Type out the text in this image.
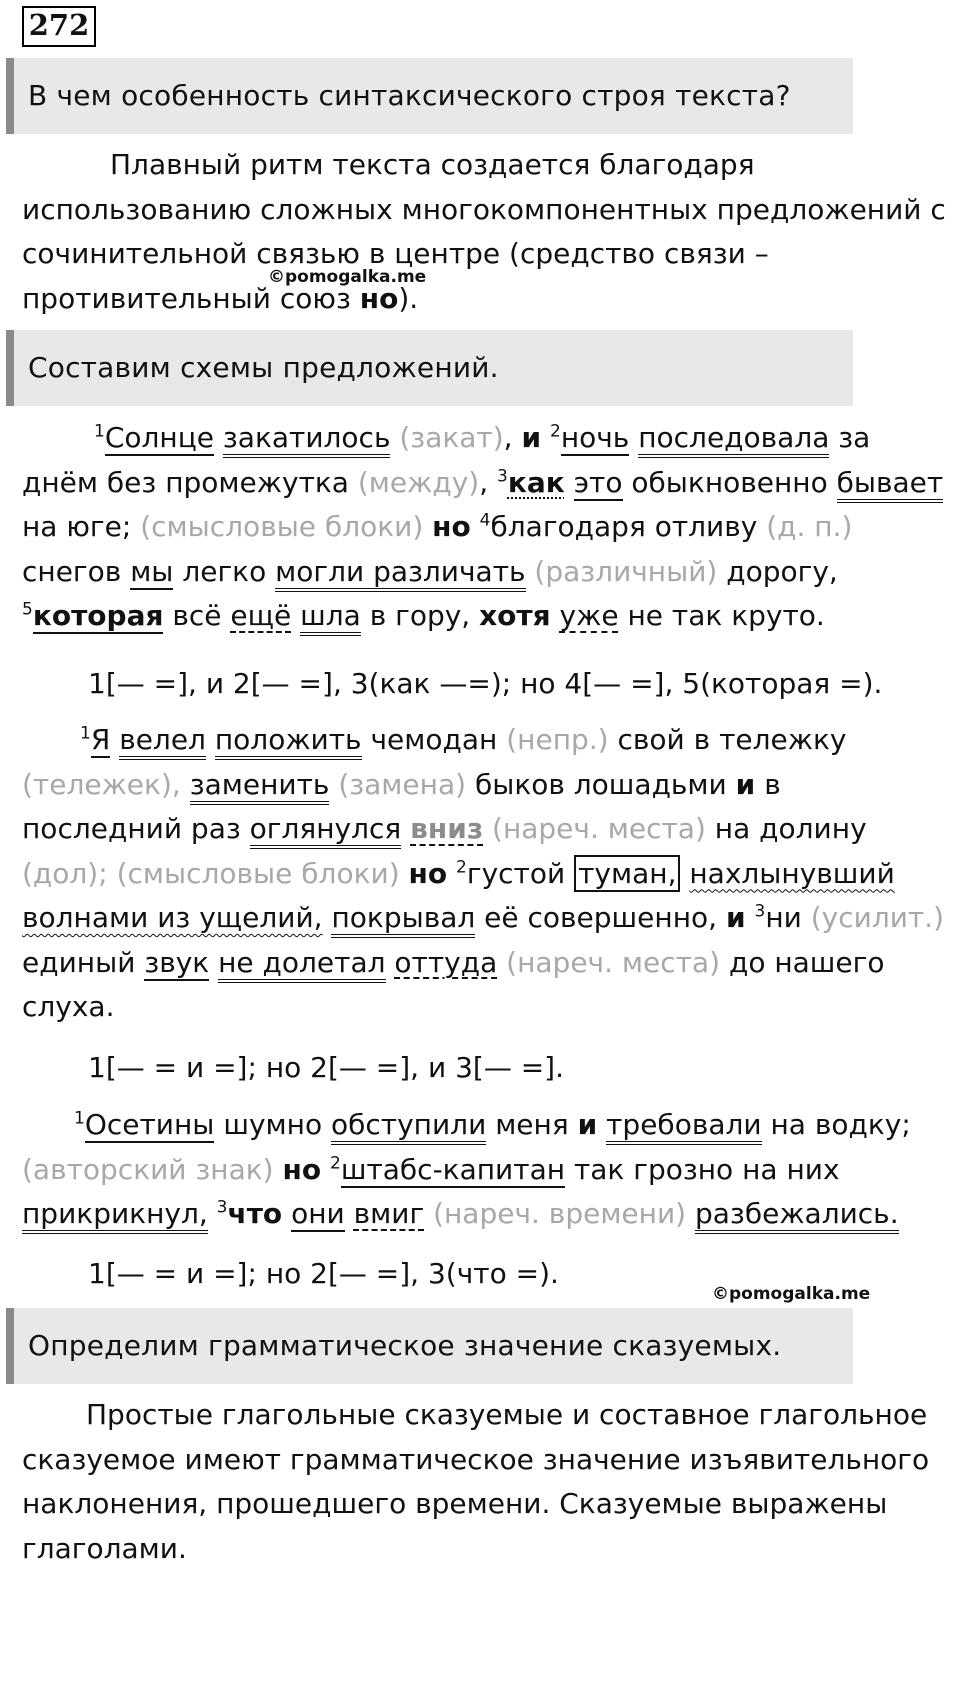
272
В чем особенность синтаксического строя текста?

Плавный ритм текста создается благодаря использованию сложных многокомпонентных предложений с сочинительной связью в центре (средство связи – противительный союз но).

©pomogalka.me
Составим схемы предложений.

$^1$Солнце закатилось (закат), и $^2$ночь последовала за днём без промежутка (между), $^3$как это обыкновенно бывает на юге; (смысловые блоки) но $^4$благодаря отливу (д. п.) снегов мы легко могли различать (различный) дорогу, $^5$которая всё ещё шла в гору, хотя уже не так круто.

1[— =], и 2[— =], 3(как —=); но 4[— =], 5(которая =).

$^1$Я велел положить чемодан (непр.) свой в тележку (тележек), заменить (замена) быков лошадьми и в последний раз оглянулся вниз (нареч. места) на долину (дол); (смысловые блоки) но $^2$густой туман, нахлынувший волнами из ущелий, покрывал её совершенно, и $^3$ни (усилит.) единый звук не долетал оттуда (нареч. места) до нашего слуха.

1[— = и =]; но 2[— =], и 3[— =].

$^1$Осетины шумно обступили меня и требовали на водку; (авторский знак) но $^2$штабс-капитан так грозно на них прикрикнул, $^3$что они вмиг (нареч. времени) разбежались.

1[— = и =]; но 2[— =], 3(что =).
©pomogalka.me
Определим грамматическое значение сказуемых.

Простые глагольные сказуемые и составное глагольное сказуемое имеют грамматическое значение изъявительного наклонения, прошедшего времени. Сказуемые выражены глаголами.
